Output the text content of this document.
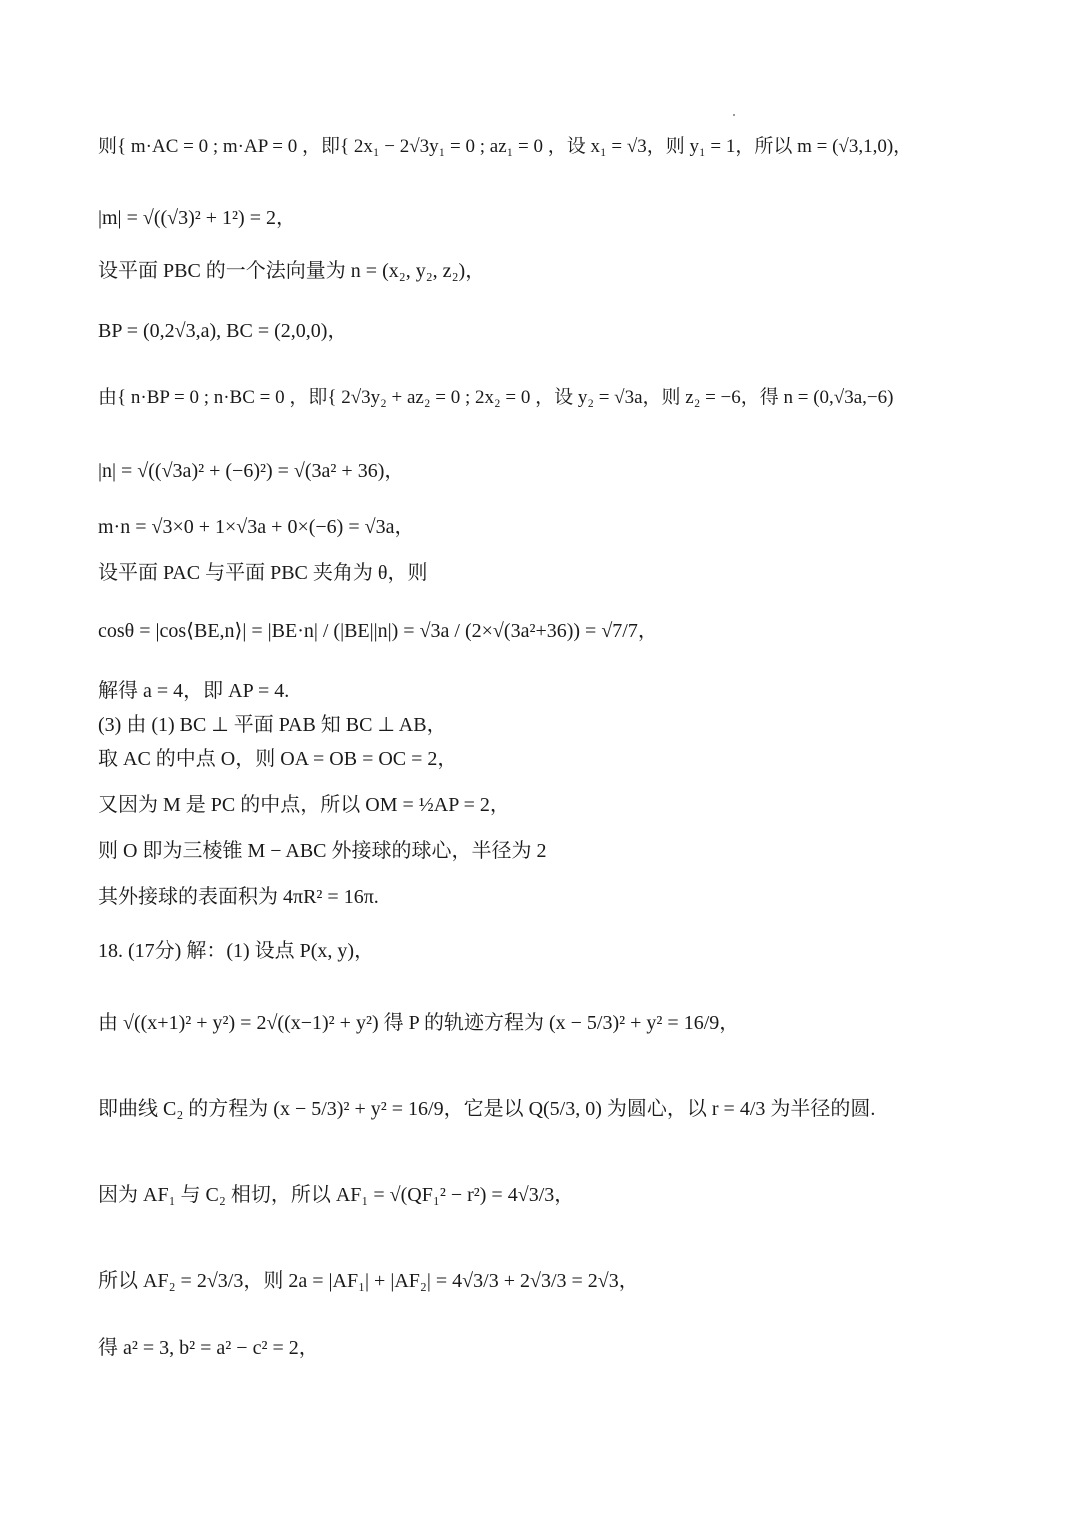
则{ m·AC = 0 ; m·AP = 0 ，即{ 2x₁ − 2√3y₁ = 0 ; az₁ = 0 ，设 x₁ = √3，则 y₁ = 1，所以 m = (√3,1,0)，
|m| = √((√3)² + 1²) = 2，
设平面 PBC 的一个法向量为 n = (x₂, y₂, z₂)，
BP = (0,2√3,a), BC = (2,0,0)，
由{ n·BP = 0 ; n·BC = 0 ，即{ 2√3y₂ + az₂ = 0 ; 2x₂ = 0 ，设 y₂ = √3a，则 z₂ = −6，得 n = (0,√3a,−6)
|n| = √((√3a)² + (−6)²) = √(3a² + 36)，
m·n = √3×0 + 1×√3a + 0×(−6) = √3a，
设平面 PAC 与平面 PBC 夹角为 θ，则
cosθ = |cos⟨BE,n⟩| = |BE·n| / (|BE||n|) = √3a / (2×√(3a²+36)) = √7/7，
解得 a = 4，即 AP = 4.
(3) 由 (1) BC ⊥ 平面 PAB 知 BC ⊥ AB，
取 AC 的中点 O，则 OA = OB = OC = 2，
又因为 M 是 PC 的中点，所以 OM = ½AP = 2，
则 O 即为三棱锥 M − ABC 外接球的球心，半径为 2
其外接球的表面积为 4πR² = 16π.
18. (17分) 解：(1) 设点 P(x, y)，
由 √((x+1)² + y²) = 2√((x−1)² + y²) 得 P 的轨迹方程为 (x − 5/3)² + y² = 16/9，
即曲线 C₂ 的方程为 (x − 5/3)² + y² = 16/9，它是以 Q(5/3, 0) 为圆心，以 r = 4/3 为半径的圆.
因为 AF₁ 与 C₂ 相切，所以 AF₁ = √(QF₁² − r²) = 4√3/3，
所以 AF₂ = 2√3/3，则 2a = |AF₁| + |AF₂| = 4√3/3 + 2√3/3 = 2√3，
得 a² = 3, b² = a² − c² = 2，
